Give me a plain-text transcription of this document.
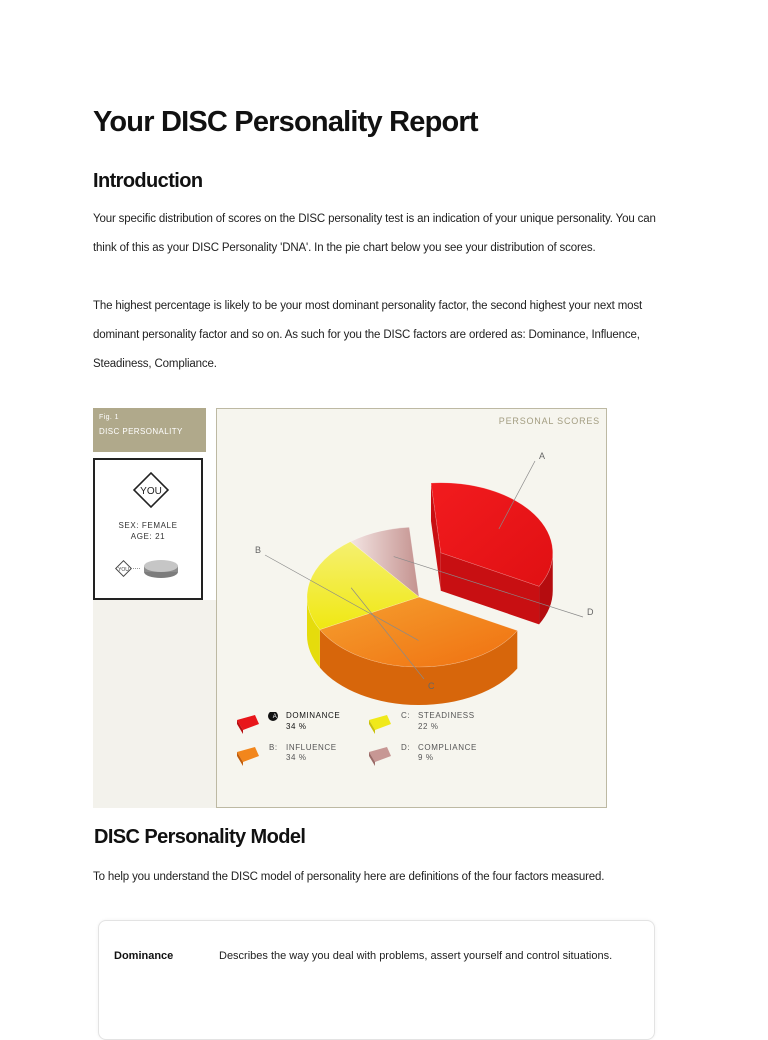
Your DISC Personality Report
Introduction

Your specific distribution of scores on the DISC personality test is an indication of your unique personality. You can

think of this as your DISC Personality 'DNA'. In the pie chart below you see your distribution of scores.

The highest percentage is likely to be your most dominant personality factor, the second highest your next most

dominant personality factor and so on. As such for you the DISC factors are ordered as: Dominance, Influence,

Steadiness, Compliance.

Fig. 1
DISC PERSONALITY
YOU
SEX: FEMALE
AGE: 21
YOU
PERSONAL SCORES
A
B
C
D
A	DOMINANCE
34 %
B: INFLUENCE
34 %
C: STEADINESS
22 %
D: COMPLIANCE
9 %
DISC Personality Model

To help you understand the DISC model of personality here are definitions of the four factors measured.

Dominance	Describes the way you deal with problems, assert yourself and control situations.
